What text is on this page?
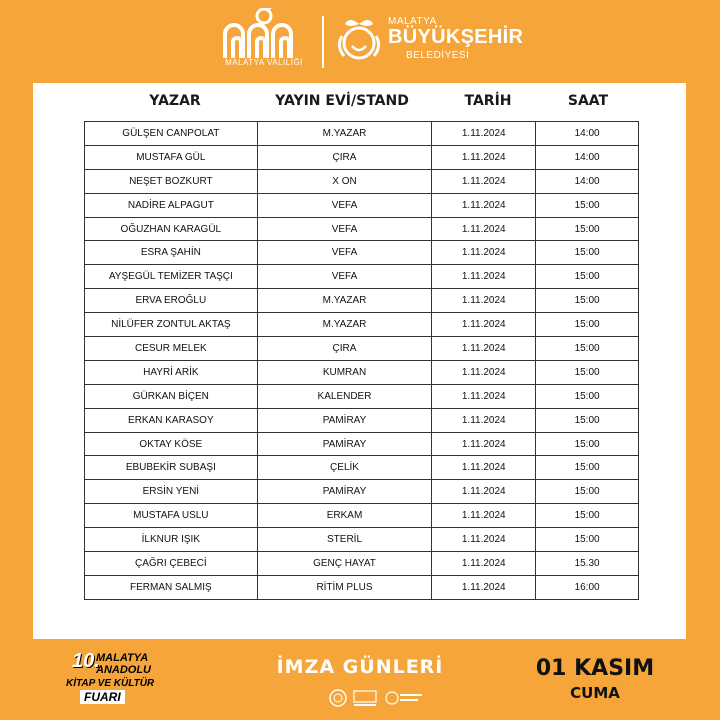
MALATYA VALİLİĞİ
MALATYA
BÜYÜKŞEHİR
BELEDİYESİ
YAZAR	YAYIN EVİ/STAND	TARİH	SAAT
GÜLŞEN CANPOLAT	M.YAZAR	1.11.2024	14:00
MUSTAFA GÜL	ÇIRA	1.11.2024	14:00
NEŞET BOZKURT	X ON	1.11.2024	14:00
NADİRE ALPAGUT	VEFA	1.11.2024	15:00
OĞUZHAN KARAGÜL	VEFA	1.11.2024	15:00
ESRA ŞAHİN	VEFA	1.11.2024	15:00
AYŞEGÜL TEMİZER TAŞÇI	VEFA	1.11.2024	15:00
ERVA EROĞLU	M.YAZAR	1.11.2024	15:00
NİLÜFER ZONTUL AKTAŞ	M.YAZAR	1.11.2024	15:00
CESUR MELEK	ÇIRA	1.11.2024	15:00
HAYRİ ARİK	KUMRAN	1.11.2024	15:00
GÜRKAN BİÇEN	KALENDER	1.11.2024	15:00
ERKAN KARASOY	PAMİRAY	1.11.2024	15:00
OKTAY KÖSE	PAMİRAY	1.11.2024	15:00
EBUBEKİR SUBAŞI	ÇELİK	1.11.2024	15:00
ERSİN YENİ	PAMİRAY	1.11.2024	15:00
MUSTAFA USLU	ERKAM	1.11.2024	15:00
İLKNUR IŞIK	STERİL	1.11.2024	15:00
ÇAĞRI ÇEBECİ	GENÇ HAYAT	1.11.2024	15.30
FERMAN SALMIŞ	RİTİM PLUS	1.11.2024	16:00
10.
MALATYA
ANADOLU
KİTAP VE KÜLTÜR
FUARI
İMZA GÜNLERİ	01 KASIM
CUMA
